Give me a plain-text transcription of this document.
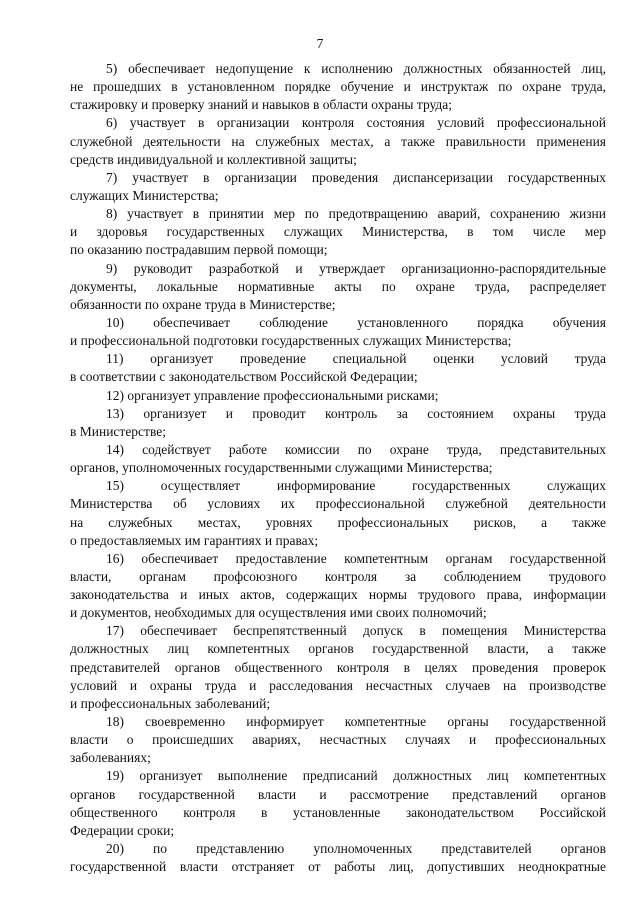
7
5) обеспечивает недопущение к исполнению должностных обязанностей лиц,
не прошедших в установленном порядке обучение и инструктаж по охране труда,
стажировку и проверку знаний и навыков в области охраны труда;
6) участвует в организации контроля состояния условий профессиональной
служебной деятельности на служебных местах, а также правильности применения
средств индивидуальной и коллективной защиты;
7) участвует в организации проведения диспансеризации государственных
служащих Министерства;
8) участвует в принятии мер по предотвращению аварий, сохранению жизни
и здоровья государственных служащих Министерства, в том числе мер
по оказанию пострадавшим первой помощи;
9) руководит разработкой и утверждает организационно-распорядительные
документы, локальные нормативные акты по охране труда, распределяет
обязанности по охране труда в Министерстве;
10) обеспечивает соблюдение установленного порядка обучения
и профессиональной подготовки государственных служащих Министерства;
11) организует проведение специальной оценки условий труда
в соответствии с законодательством Российской Федерации;
12) организует управление профессиональными рисками;
13) организует и проводит контроль за состоянием охраны труда
в Министерстве;
14) содействует работе комиссии по охране труда, представительных
органов, уполномоченных государственными служащими Министерства;
15) осуществляет информирование государственных служащих
Министерства об условиях их профессиональной служебной деятельности
на служебных местах, уровнях профессиональных рисков, а также
о предоставляемых им гарантиях и правах;
16) обеспечивает предоставление компетентным органам государственной
власти, органам профсоюзного контроля за соблюдением трудового
законодательства и иных актов, содержащих нормы трудового права, информации
и документов, необходимых для осуществления ими своих полномочий;
17) обеспечивает беспрепятственный допуск в помещения Министерства
должностных лиц компетентных органов государственной власти, а также
представителей органов общественного контроля в целях проведения проверок
условий и охраны труда и расследования несчастных случаев на производстве
и профессиональных заболеваний;
18) своевременно информирует компетентные органы государственной
власти о происшедших авариях, несчастных случаях и профессиональных
заболеваниях;
19) организует выполнение предписаний должностных лиц компетентных
органов государственной власти и рассмотрение представлений органов
общественного контроля в установленные законодательством Российской
Федерации сроки;
20) по представлению уполномоченных представителей органов
государственной власти отстраняет от работы лиц, допустивших неоднократные
